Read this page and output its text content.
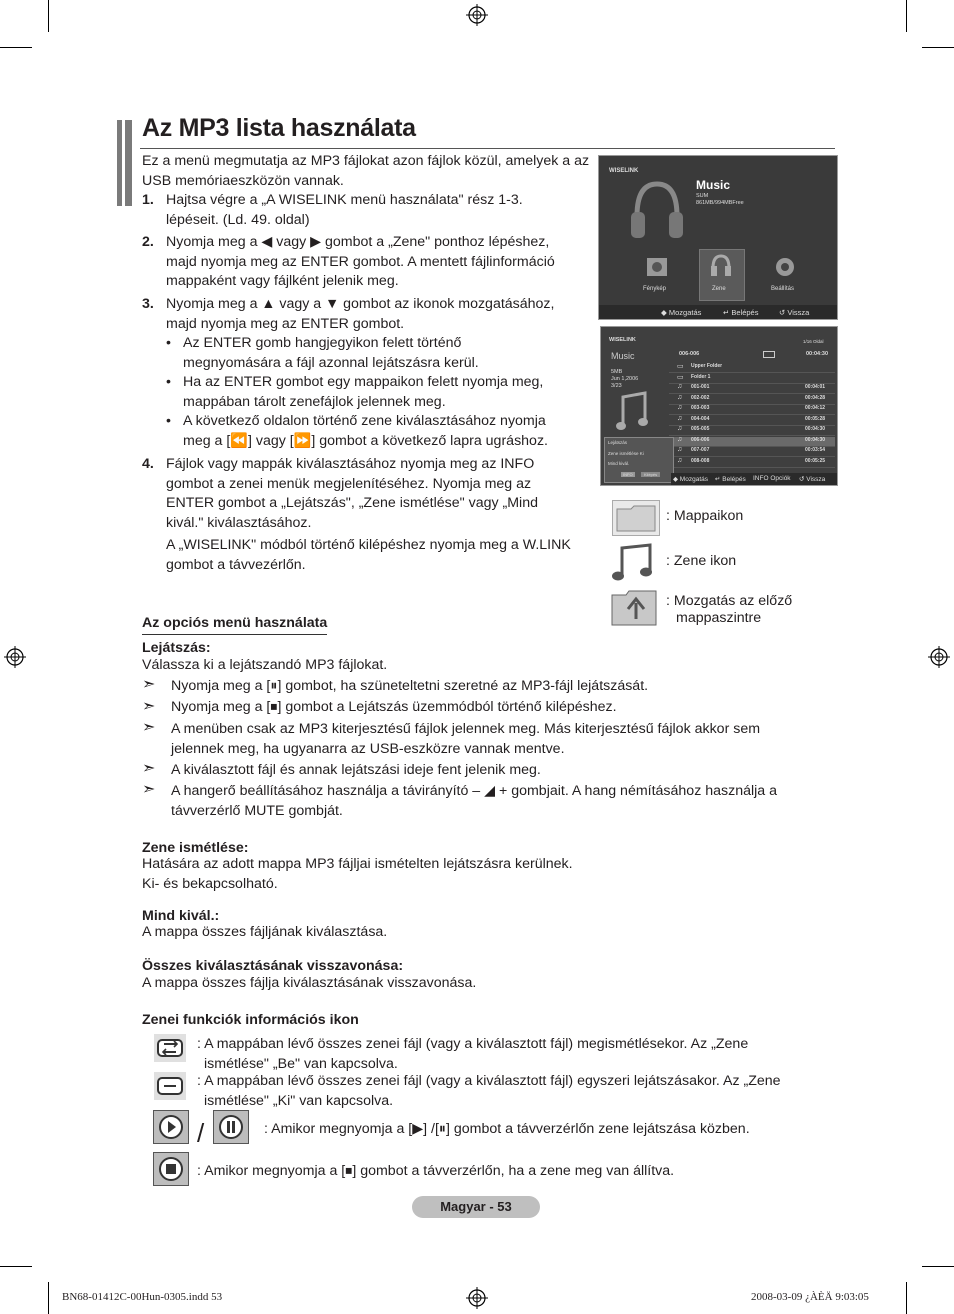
Az MP3 lista használata
Ez a menü megmutatja az MP3 fájlokat azon fájlok közül, amelyek a az USB memóriaeszközön vannak.
1. Hajtsa végre a „A WISELINK menü használata" rész 1-3.
lépéseit. (Ld. 49. oldal)
2. Nyomja meg a ◀ vagy ▶ gombot a „Zene" ponthoz lépéshez,
majd nyomja meg az ENTER gombot. A mentett fájlinformáció
mappaként vagy fájlként jelenik meg.
3. Nyomja meg a ▲ vagy a ▼ gombot az ikonok mozgatásához,
majd nyomja meg az ENTER gombot.
• Az ENTER gomb hangjegyikon felett történő
megnyomására a fájl azonnal lejátszásra kerül.
• Ha az ENTER gombot egy mappaikon felett nyomja meg,
mappában tárolt zenefájlok jelennek meg.
• A következő oldalon történő zene kiválasztásához nyomja
meg a [⏪] vagy [⏩] gombot a következő lapra ugráshoz.
4. Fájlok vagy mappák kiválasztásához nyomja meg az INFO
gombot a zenei menük megjelenítéséhez. Nyomja meg az
ENTER gombot a „Lejátszás", „Zene ismétlése" vagy „Mind
kivál." kiválasztásához.
A „WISELINK" módból történő kilépéshez nyomja meg a W.LINK
gombot a távvezérlőn.
WISELINK
Music
SUM
861MB/994MBFree
Fénykép	Zene	Beállítás
◆ Mozgatás	↵ Belépés	↺ Vissza
WISELINK
Music
5MB
Jun 1,2006
3/23
006-006	00:04:30
1/16 Oldal
▭ Upper Folder
▭ Folder 1
♫ 001-001	00:04:01
♫ 002-002	00:04:28
♫ 003-003	00:04:12
♫ 004-004	00:05:28
♫ 005-005	00:04:30
♫ 006-006	00:04:30
♫ 007-007	00:03:54
♫ 008-008	00:05:25
Lejátszás
Zene ismétlése Ki
Mind kivál.
INFO	Kilépés
◆ Mozgatás ↵ Belépés INFO Opciók ↺ Vissza
: Mappaikon
: Zene ikon
: Mozgatás az előző
mappaszintre
Az opciós menü használata
Lejátszás:
Válassza ki a lejátszandó MP3 fájlokat.
➣ Nyomja meg a [⏸] gombot, ha szüneteltetni szeretné az MP3-fájl lejátszását.
➣ Nyomja meg a [⏹] gombot a Lejátszás üzemmódból történő kilépéshez.
➣ A menüben csak az MP3 kiterjesztésű fájlok jelennek meg. Más kiterjesztésű fájlok akkor sem
jelennek meg, ha ugyanarra az USB-eszközre vannak mentve.
➣ A kiválasztott fájl és annak lejátszási ideje fent jelenik meg.
➣ A hangerő beállításához használja a távirányító – ◢ + gombjait. A hang némításához használja a
távverzérlő MUTE gombját.
Zene ismétlése:
Hatására az adott mappa MP3 fájljai ismételten lejátszásra kerülnek.
Ki- és bekapcsolható.
Mind kivál.:
A mappa összes fájljának kiválasztása.
Összes kiválasztásának visszavonása:
A mappa összes fájlja kiválasztásának visszavonása.
Zenei funkciók információs ikon
: A mappában lévő összes zenei fájl (vagy a kiválasztott fájl) megismétlésekor. Az „Zene
ismétlése" „Be" van kapcsolva.
: A mappában lévő összes zenei fájl (vagy a kiválasztott fájl) egyszeri lejátszásakor. Az „Zene
ismétlése" „Ki" van kapcsolva.
/	: Amikor megnyomja a [▶] /[⏸] gombot a távverzérlőn zene lejátszása közben.
: Amikor megnyomja a [⏹] gombot a távverzérlőn, ha a zene meg van állítva.
Magyar - 53
BN68-01412C-00Hun-0305.indd 53	2008-03-09 ¿ÀÈÄ 9:03:05
